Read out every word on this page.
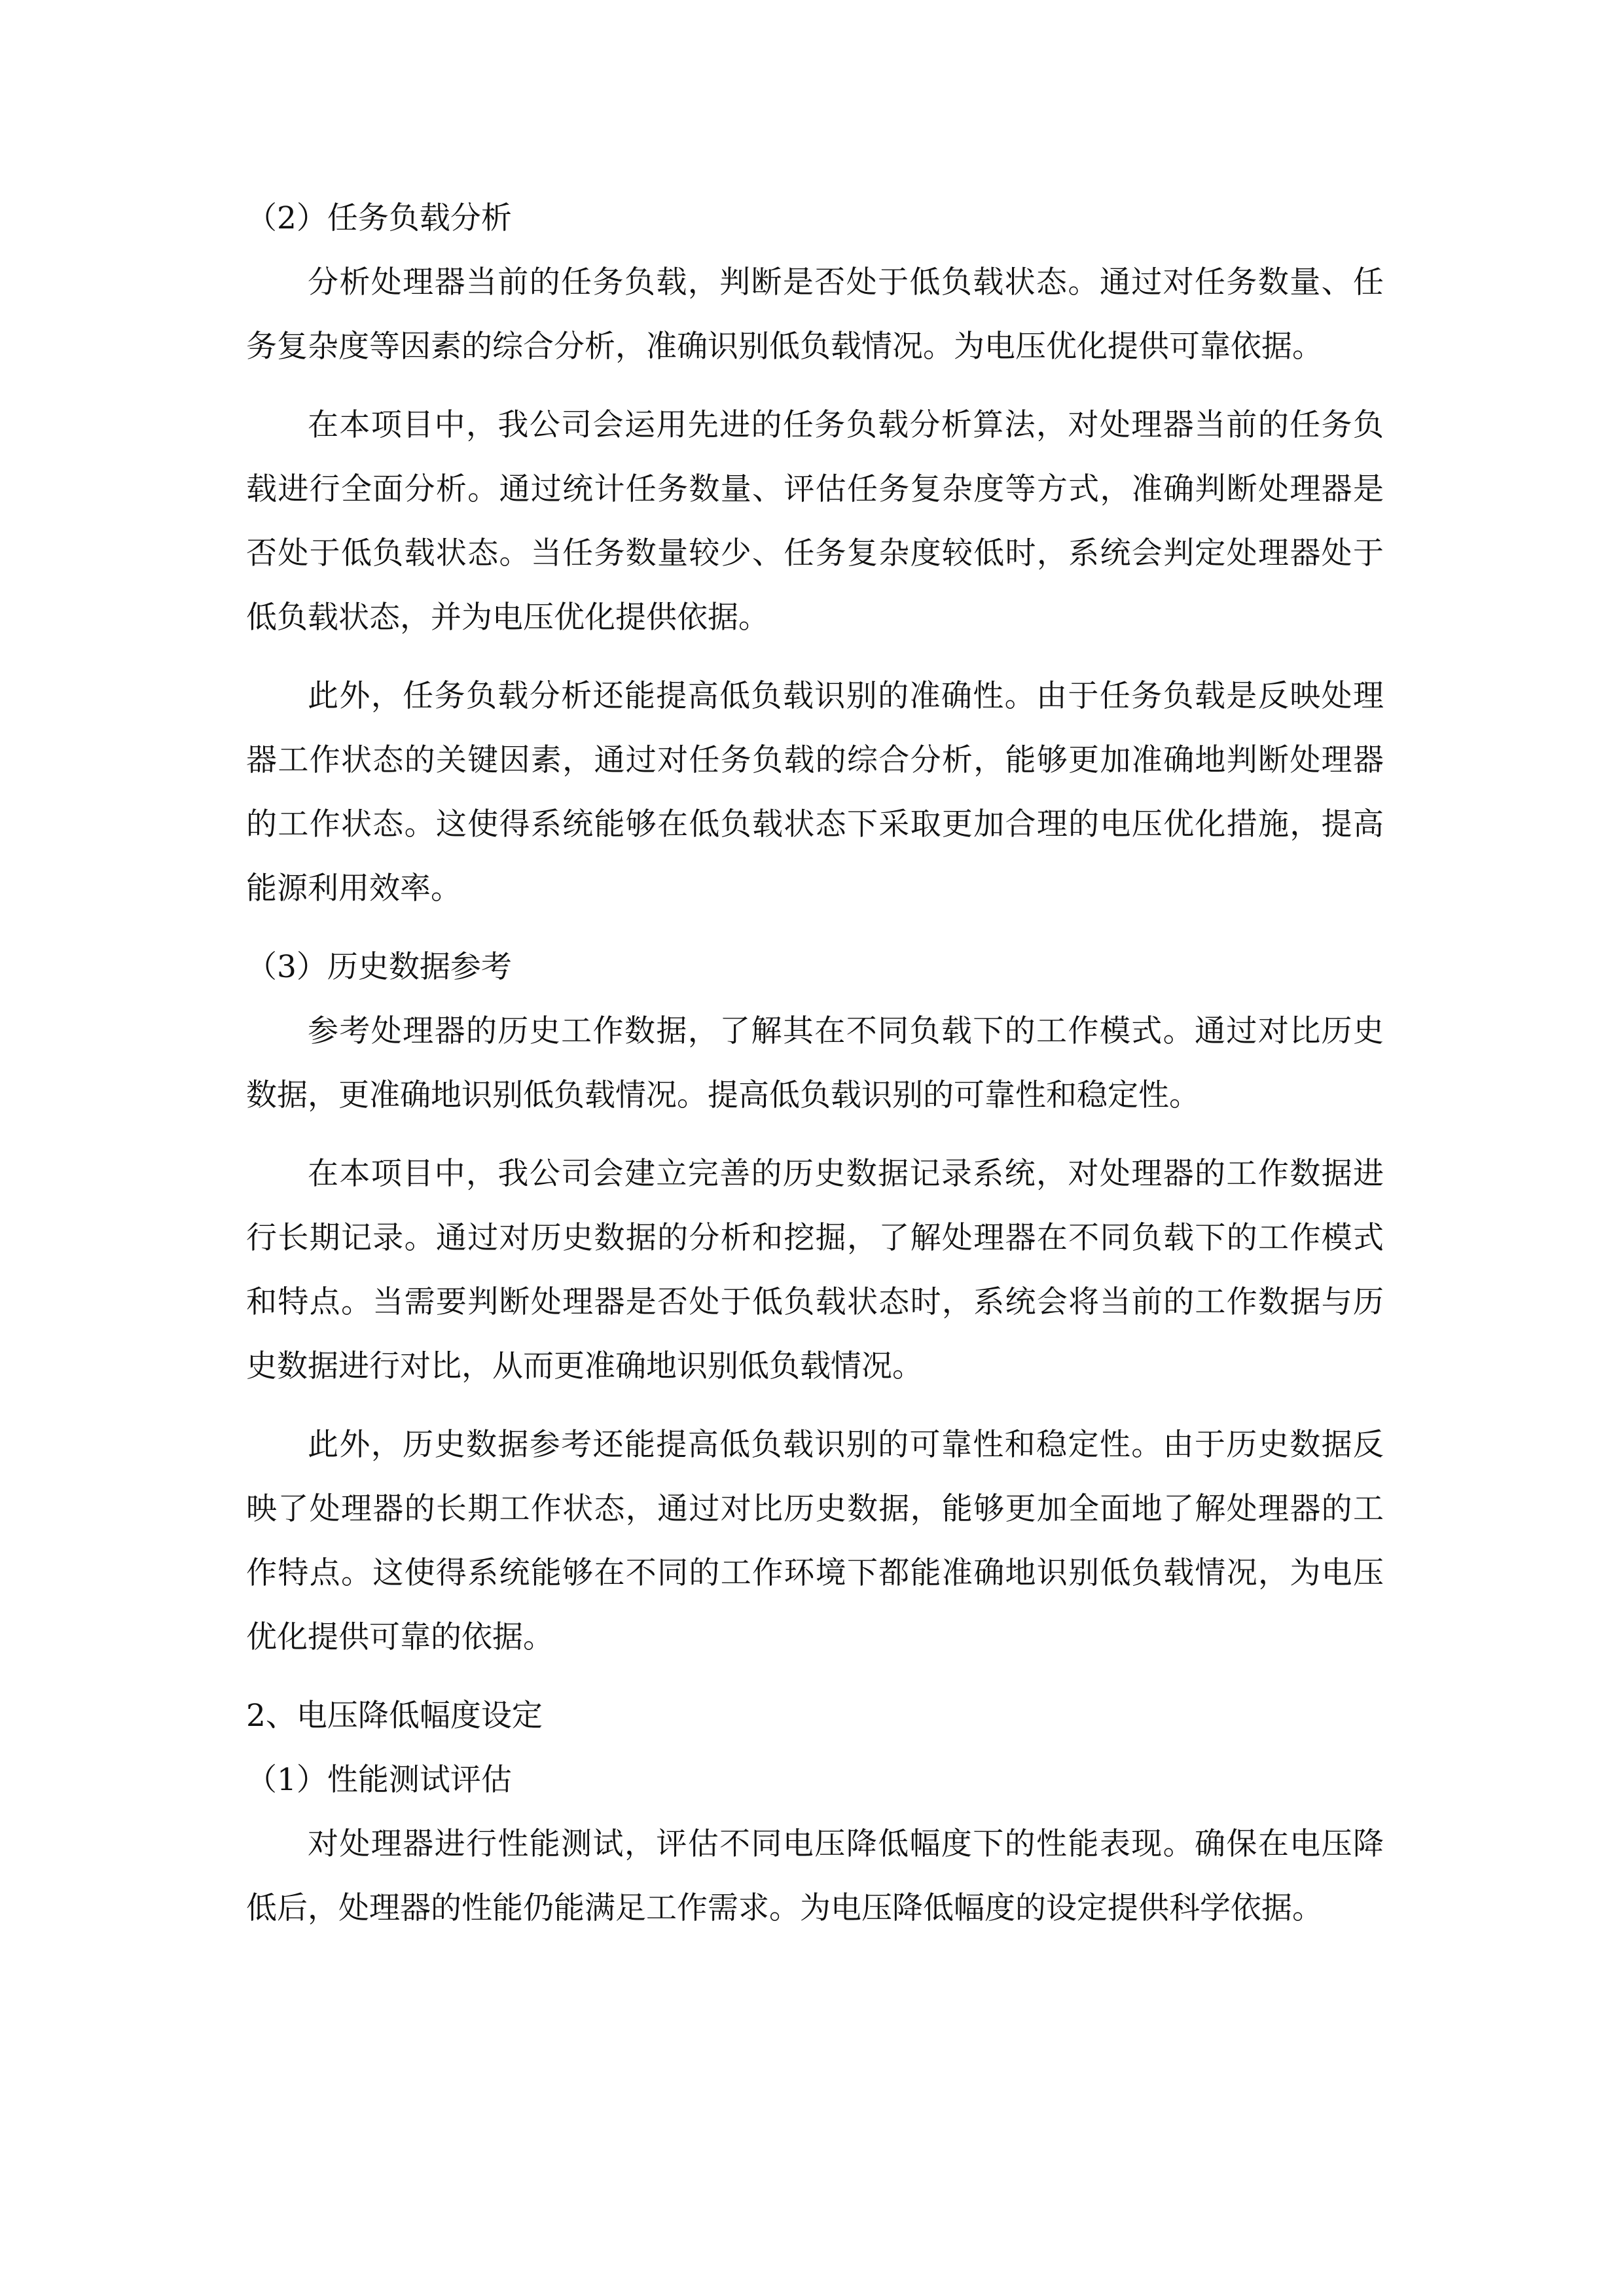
（2）任务负载分析

分析处理器当前的任务负载，判断是否处于低负载状态。通过对任务数量、任务复杂度等因素的综合分析，准确识别低负载情况。为电压优化提供可靠依据。

在本项目中，我公司会运用先进的任务负载分析算法，对处理器当前的任务负载进行全面分析。通过统计任务数量、评估任务复杂度等方式，准确判断处理器是否处于低负载状态。当任务数量较少、任务复杂度较低时，系统会判定处理器处于低负载状态，并为电压优化提供依据。

此外，任务负载分析还能提高低负载识别的准确性。由于任务负载是反映处理器工作状态的关键因素，通过对任务负载的综合分析，能够更加准确地判断处理器的工作状态。这使得系统能够在低负载状态下采取更加合理的电压优化措施，提高能源利用效率。

（3）历史数据参考

参考处理器的历史工作数据，了解其在不同负载下的工作模式。通过对比历史数据，更准确地识别低负载情况。提高低负载识别的可靠性和稳定性。

在本项目中，我公司会建立完善的历史数据记录系统，对处理器的工作数据进行长期记录。通过对历史数据的分析和挖掘，了解处理器在不同负载下的工作模式和特点。当需要判断处理器是否处于低负载状态时，系统会将当前的工作数据与历史数据进行对比，从而更准确地识别低负载情况。

此外，历史数据参考还能提高低负载识别的可靠性和稳定性。由于历史数据反映了处理器的长期工作状态，通过对比历史数据，能够更加全面地了解处理器的工作特点。这使得系统能够在不同的工作环境下都能准确地识别低负载情况，为电压优化提供可靠的依据。

2、电压降低幅度设定

（1）性能测试评估

对处理器进行性能测试，评估不同电压降低幅度下的性能表现。确保在电压降低后，处理器的性能仍能满足工作需求。为电压降低幅度的设定提供科学依据。
